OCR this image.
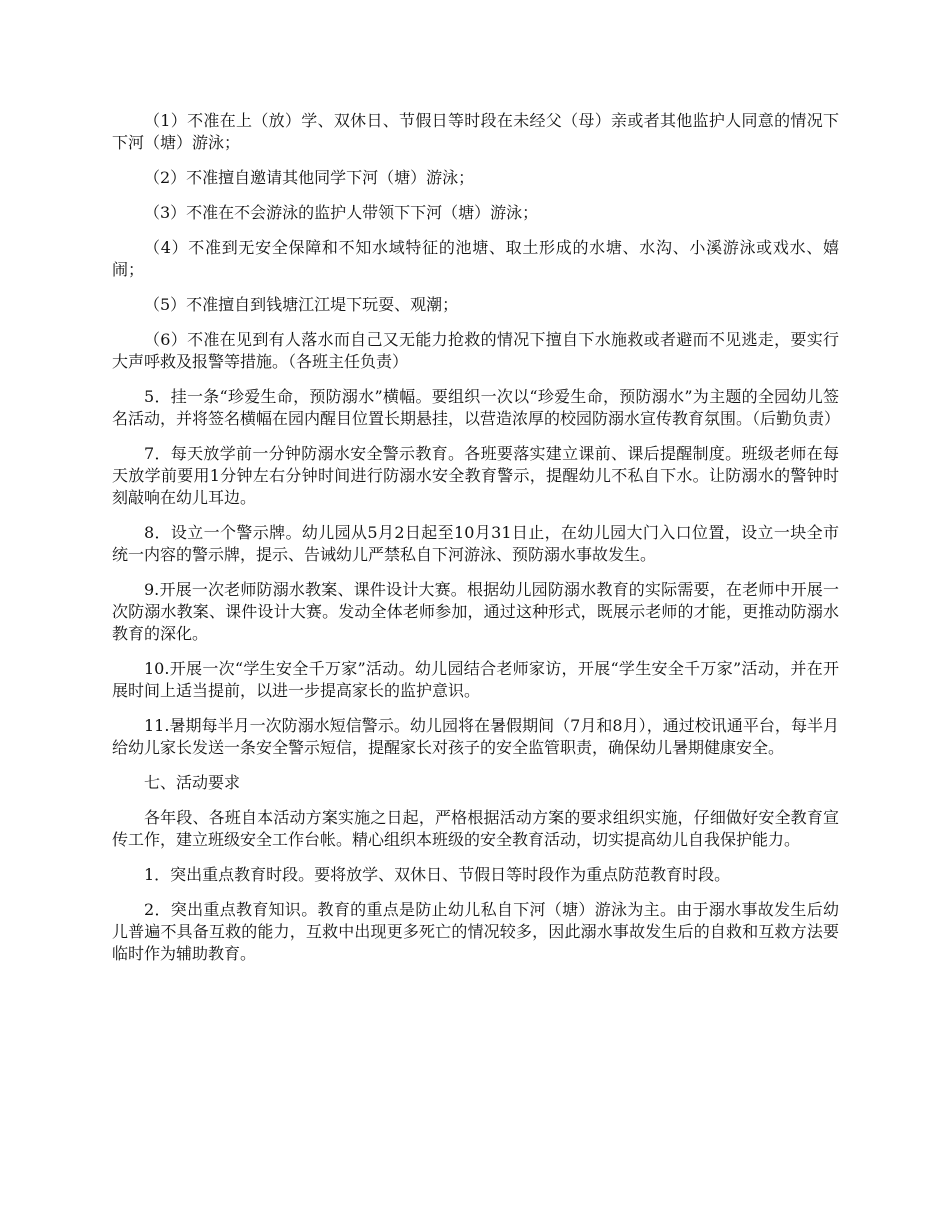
（1）不准在上（放）学、双休日、节假日等时段在未经父（母）亲或者其他监护人同意的情况下下河（塘）游泳；

（2）不准擅自邀请其他同学下河（塘）游泳；

（3）不准在不会游泳的监护人带领下下河（塘）游泳；

（4）不准到无安全保障和不知水域特征的池塘、取土形成的水塘、水沟、小溪游泳或戏水、嬉闹；

（5）不准擅自到钱塘江江堤下玩耍、观潮；

（6）不准在见到有人落水而自己又无能力抢救的情况下擅自下水施救或者避而不见逃走，要实行大声呼救及报警等措施。（各班主任负责）

5．挂一条“珍爱生命，预防溺水”横幅。要组织一次以“珍爱生命，预防溺水”为主题的全园幼儿签名活动，并将签名横幅在园内醒目位置长期悬挂，以营造浓厚的校园防溺水宣传教育氛围。（后勤负责）

7．每天放学前一分钟防溺水安全警示教育。各班要落实建立课前、课后提醒制度。班级老师在每天放学前要用1分钟左右分钟时间进行防溺水安全教育警示，提醒幼儿不私自下水。让防溺水的警钟时刻敲响在幼儿耳边。

8．设立一个警示牌。幼儿园从5月2日起至10月31日止，在幼儿园大门入口位置，设立一块全市统一内容的警示牌，提示、告诫幼儿严禁私自下河游泳、预防溺水事故发生。

9.开展一次老师防溺水教案、课件设计大赛。根据幼儿园防溺水教育的实际需要，在老师中开展一次防溺水教案、课件设计大赛。发动全体老师参加，通过这种形式，既展示老师的才能，更推动防溺水教育的深化。

10.开展一次“学生安全千万家”活动。幼儿园结合老师家访，开展“学生安全千万家”活动，并在开展时间上适当提前，以进一步提高家长的监护意识。

11.暑期每半月一次防溺水短信警示。幼儿园将在暑假期间（7月和8月），通过校讯通平台，每半月给幼儿家长发送一条安全警示短信，提醒家长对孩子的安全监管职责，确保幼儿暑期健康安全。

七、活动要求

各年段、各班自本活动方案实施之日起，严格根据活动方案的要求组织实施，仔细做好安全教育宣传工作，建立班级安全工作台帐。精心组织本班级的安全教育活动，切实提高幼儿自我保护能力。

1．突出重点教育时段。要将放学、双休日、节假日等时段作为重点防范教育时段。

2．突出重点教育知识。教育的重点是防止幼儿私自下河（塘）游泳为主。由于溺水事故发生后幼儿普遍不具备互救的能力，互救中出现更多死亡的情况较多，因此溺水事故发生后的自救和互救方法要临时作为辅助教育。
